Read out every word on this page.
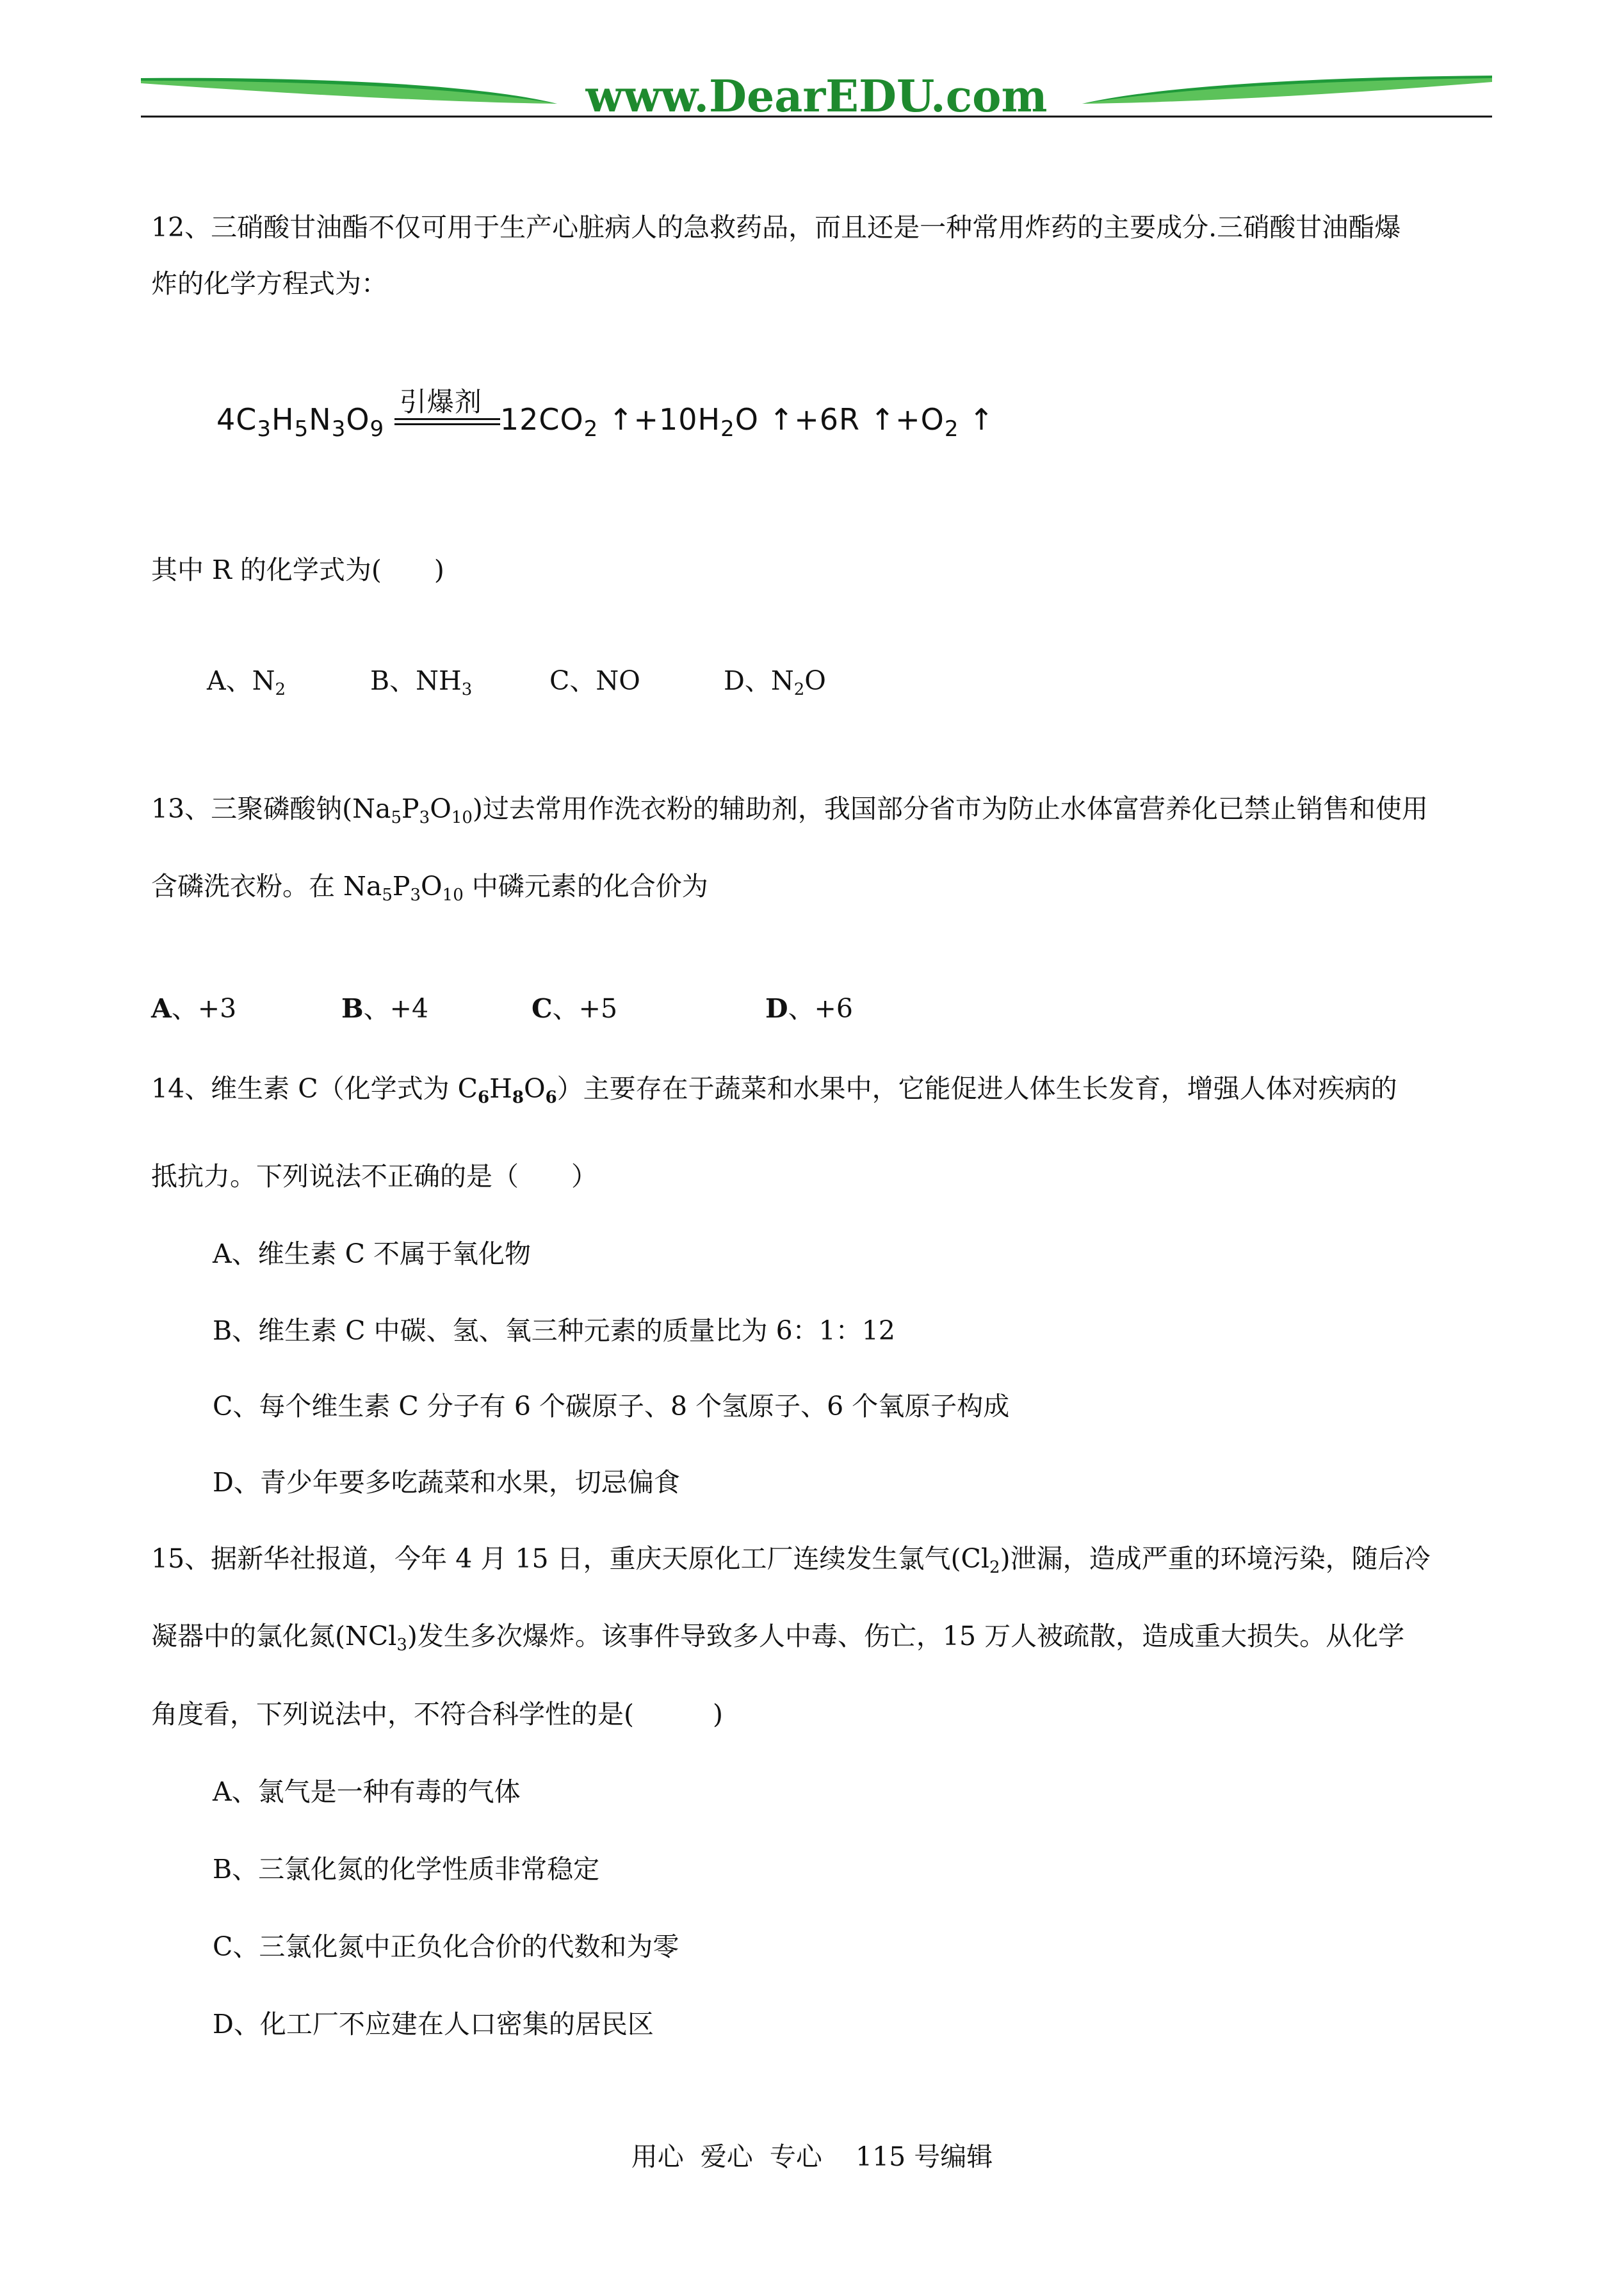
www.DearEDU.com
12、三硝酸甘油酯不仅可用于生产心脏病人的急救药品，而且还是一种常用炸药的主要成分.三硝酸甘油酯爆
炸的化学方程式为：
$4C_3H_5N_3O_9$
引爆剂
$12CO_2$ $↑+10H_2O$ ↑+6R $↑+O_2$ ↑
其中 R 的化学式为(　　)
A、$N_2$	B、$NH_3$	C、NO	D、$N_2O$
13、三聚磷酸钠$(Na_5P_3O_{10})$过去常用作洗衣粉的辅助剂，我国部分省市为防止水体富营养化已禁止销售和使用
含磷洗衣粉。在 $Na_5P_3O_{10}$ 中磷元素的化合价为
A、+3	B、+4	C、+5	D、+6
14、维生素 C（化学式为 $C_6H_8O_6$）主要存在于蔬菜和水果中，它能促进人体生长发育，增强人体对疾病的
抵抗力。下列说法不正确的是（　　）
A、维生素 C 不属于氧化物
B、维生素 C 中碳、氢、氧三种元素的质量比为 6：1：12
C、每个维生素 C 分子有 6 个碳原子、8 个氢原子、6 个氧原子构成
D、青少年要多吃蔬菜和水果，切忌偏食
15、据新华社报道，今年 4 月 15 日，重庆天原化工厂连续发生氯气$(Cl_2)$泄漏，造成严重的环境污染，随后冷
凝器中的氯化氮(NCl$_3$)发生多次爆炸。该事件导致多人中毒、伤亡，15 万人被疏散，造成重大损失。从化学
角度看，下列说法中，不符合科学性的是(　　　)
A、氯气是一种有毒的气体
B、三氯化氮的化学性质非常稳定
C、三氯化氮中正负化合价的代数和为零
D、化工厂不应建在人口密集的居民区
用心  爱心  专心    115 号编辑
